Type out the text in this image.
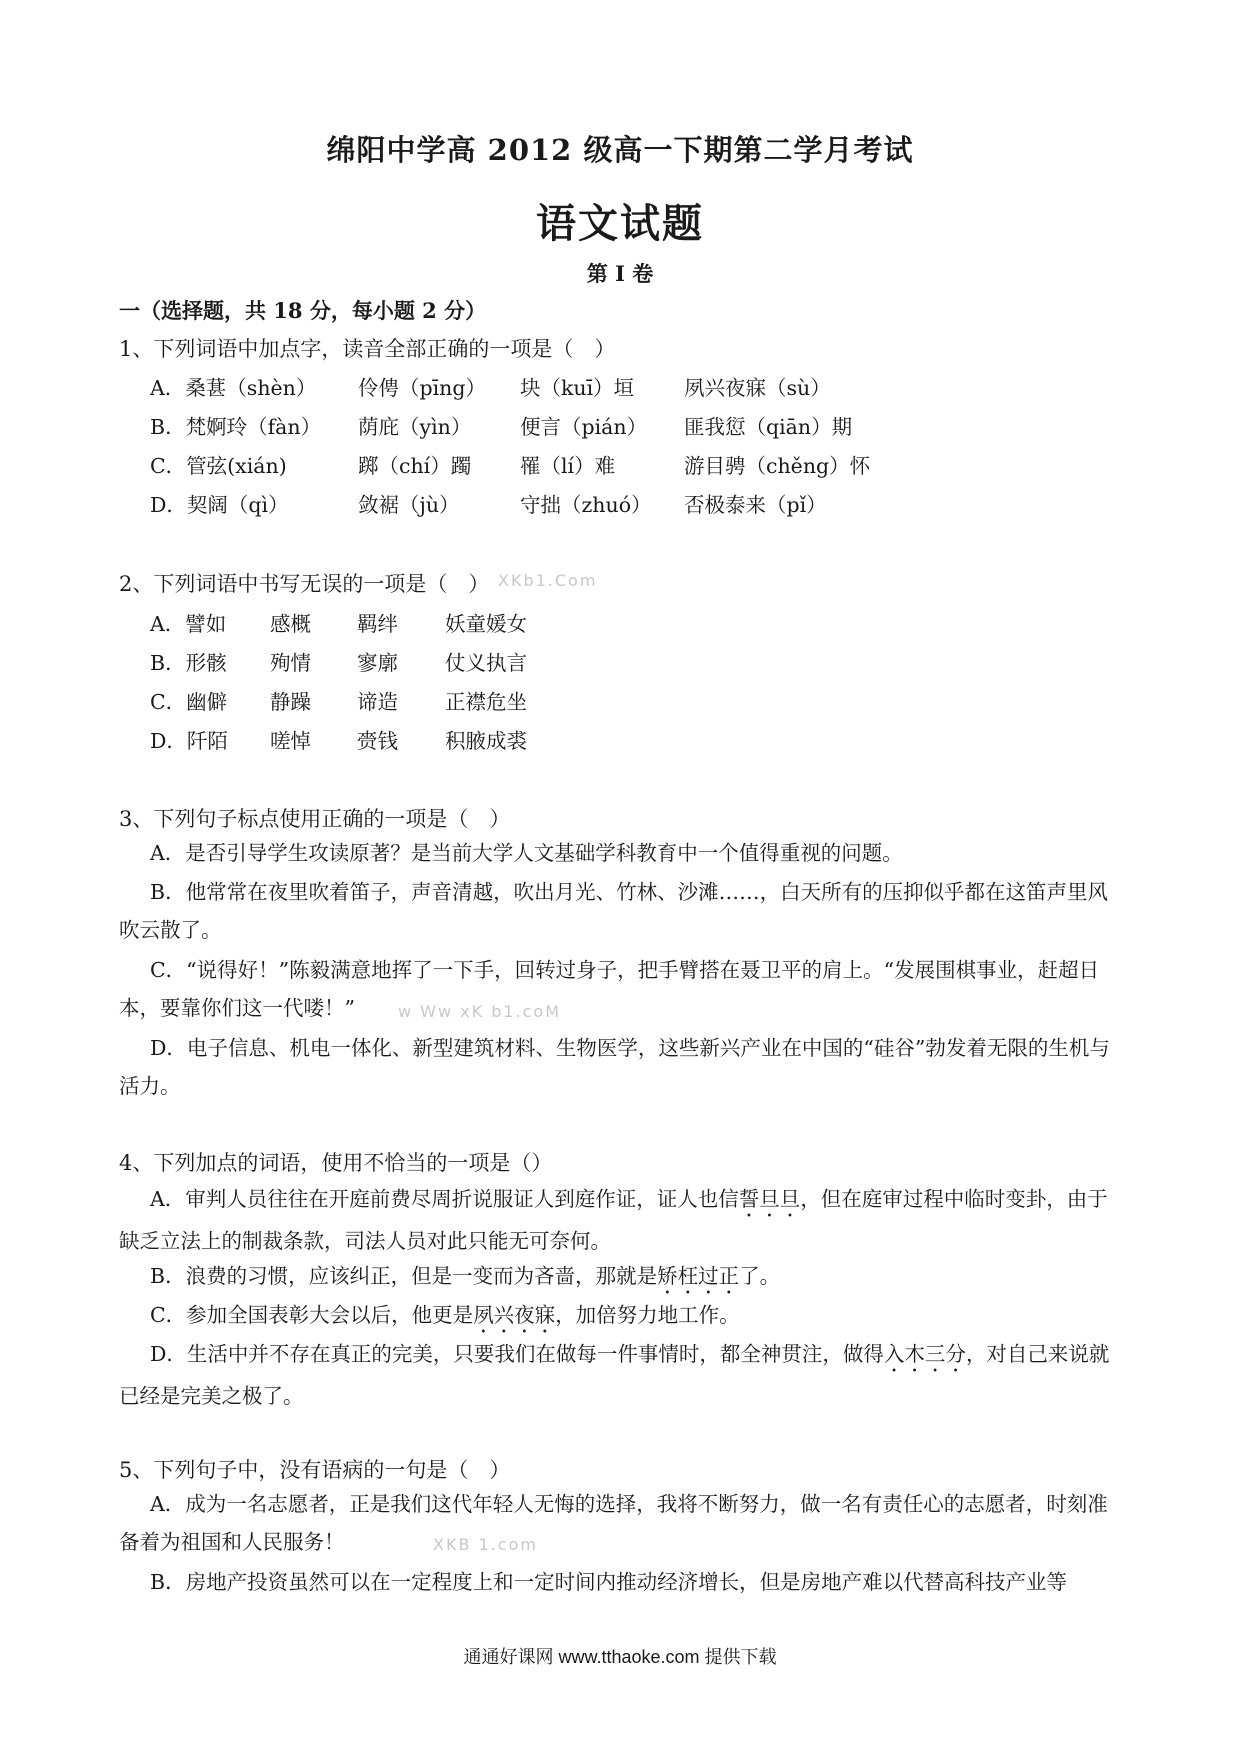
绵阳中学高 2012 级高一下期第二学月考试
语文试题
第 I 卷
一（选择题，共 18 分，每小题 2 分）
1、下列词语中加点字，读音全部正确的一项是（　）
A．桑葚（shèn） 伶俜（pīng） 块（kuī）垣 夙兴夜寐（sù）
B．梵婀玲（fàn） 荫庇（yìn） 便言（pián） 匪我愆（qiān）期
C．管弦(xián)	踯（chí）躅 罹（lí）难	游目骋（chěng）怀
D．契阔（qì）	敛裾（jù）	守拙（zhuó） 否极泰来（pǐ）
2、下列词语中书写无误的一项是（　） XKb1.Com
A．譬如 感概 羁绊 妖童媛女
B．形骸 殉情 寥廓 仗义执言
C．幽僻 静躁 谛造 正襟危坐
D．阡陌 嗟悼 赍钱 积腋成裘
3、下列句子标点使用正确的一项是（　）
A．是否引导学生攻读原著？是当前大学人文基础学科教育中一个值得重视的问题。
B．他常常在夜里吹着笛子，声音清越，吹出月光、竹林、沙滩……，白天所有的压抑似乎都在这笛声里风吹云散了。
C．“说得好！”陈毅满意地挥了一下手，回转过身子，把手臂搭在聂卫平的肩上。“发展围棋事业，赶超日本，要靠你们这一代喽！”	w Ww xK b1.coM
D．电子信息、机电一体化、新型建筑材料、生物医学，这些新兴产业在中国的“硅谷”勃发着无限的生机与活力。
4、下列加点的词语，使用不恰当的一项是（）
A．审判人员往往在开庭前费尽周折说服证人到庭作证，证人也信誓旦旦，但在庭审过程中临时变卦，由于缺乏立法上的制裁条款，司法人员对此只能无可奈何。
B．浪费的习惯，应该纠正，但是一变而为吝啬，那就是矫枉过正了。
C．参加全国表彰大会以后，他更是夙兴夜寐，加倍努力地工作。
D．生活中并不存在真正的完美，只要我们在做每一件事情时，都全神贯注，做得入木三分，对自己来说就已经是完美之极了。
5、下列句子中，没有语病的一句是（　）
A．成为一名志愿者，正是我们这代年轻人无悔的选择，我将不断努力，做一名有责任心的志愿者，时刻准备着为祖国和人民服务！	XKB 1.com
B．房地产投资虽然可以在一定程度上和一定时间内推动经济增长，但是房地产难以代替高科技产业等
通通好课网 www.tthaoke.com 提供下载
